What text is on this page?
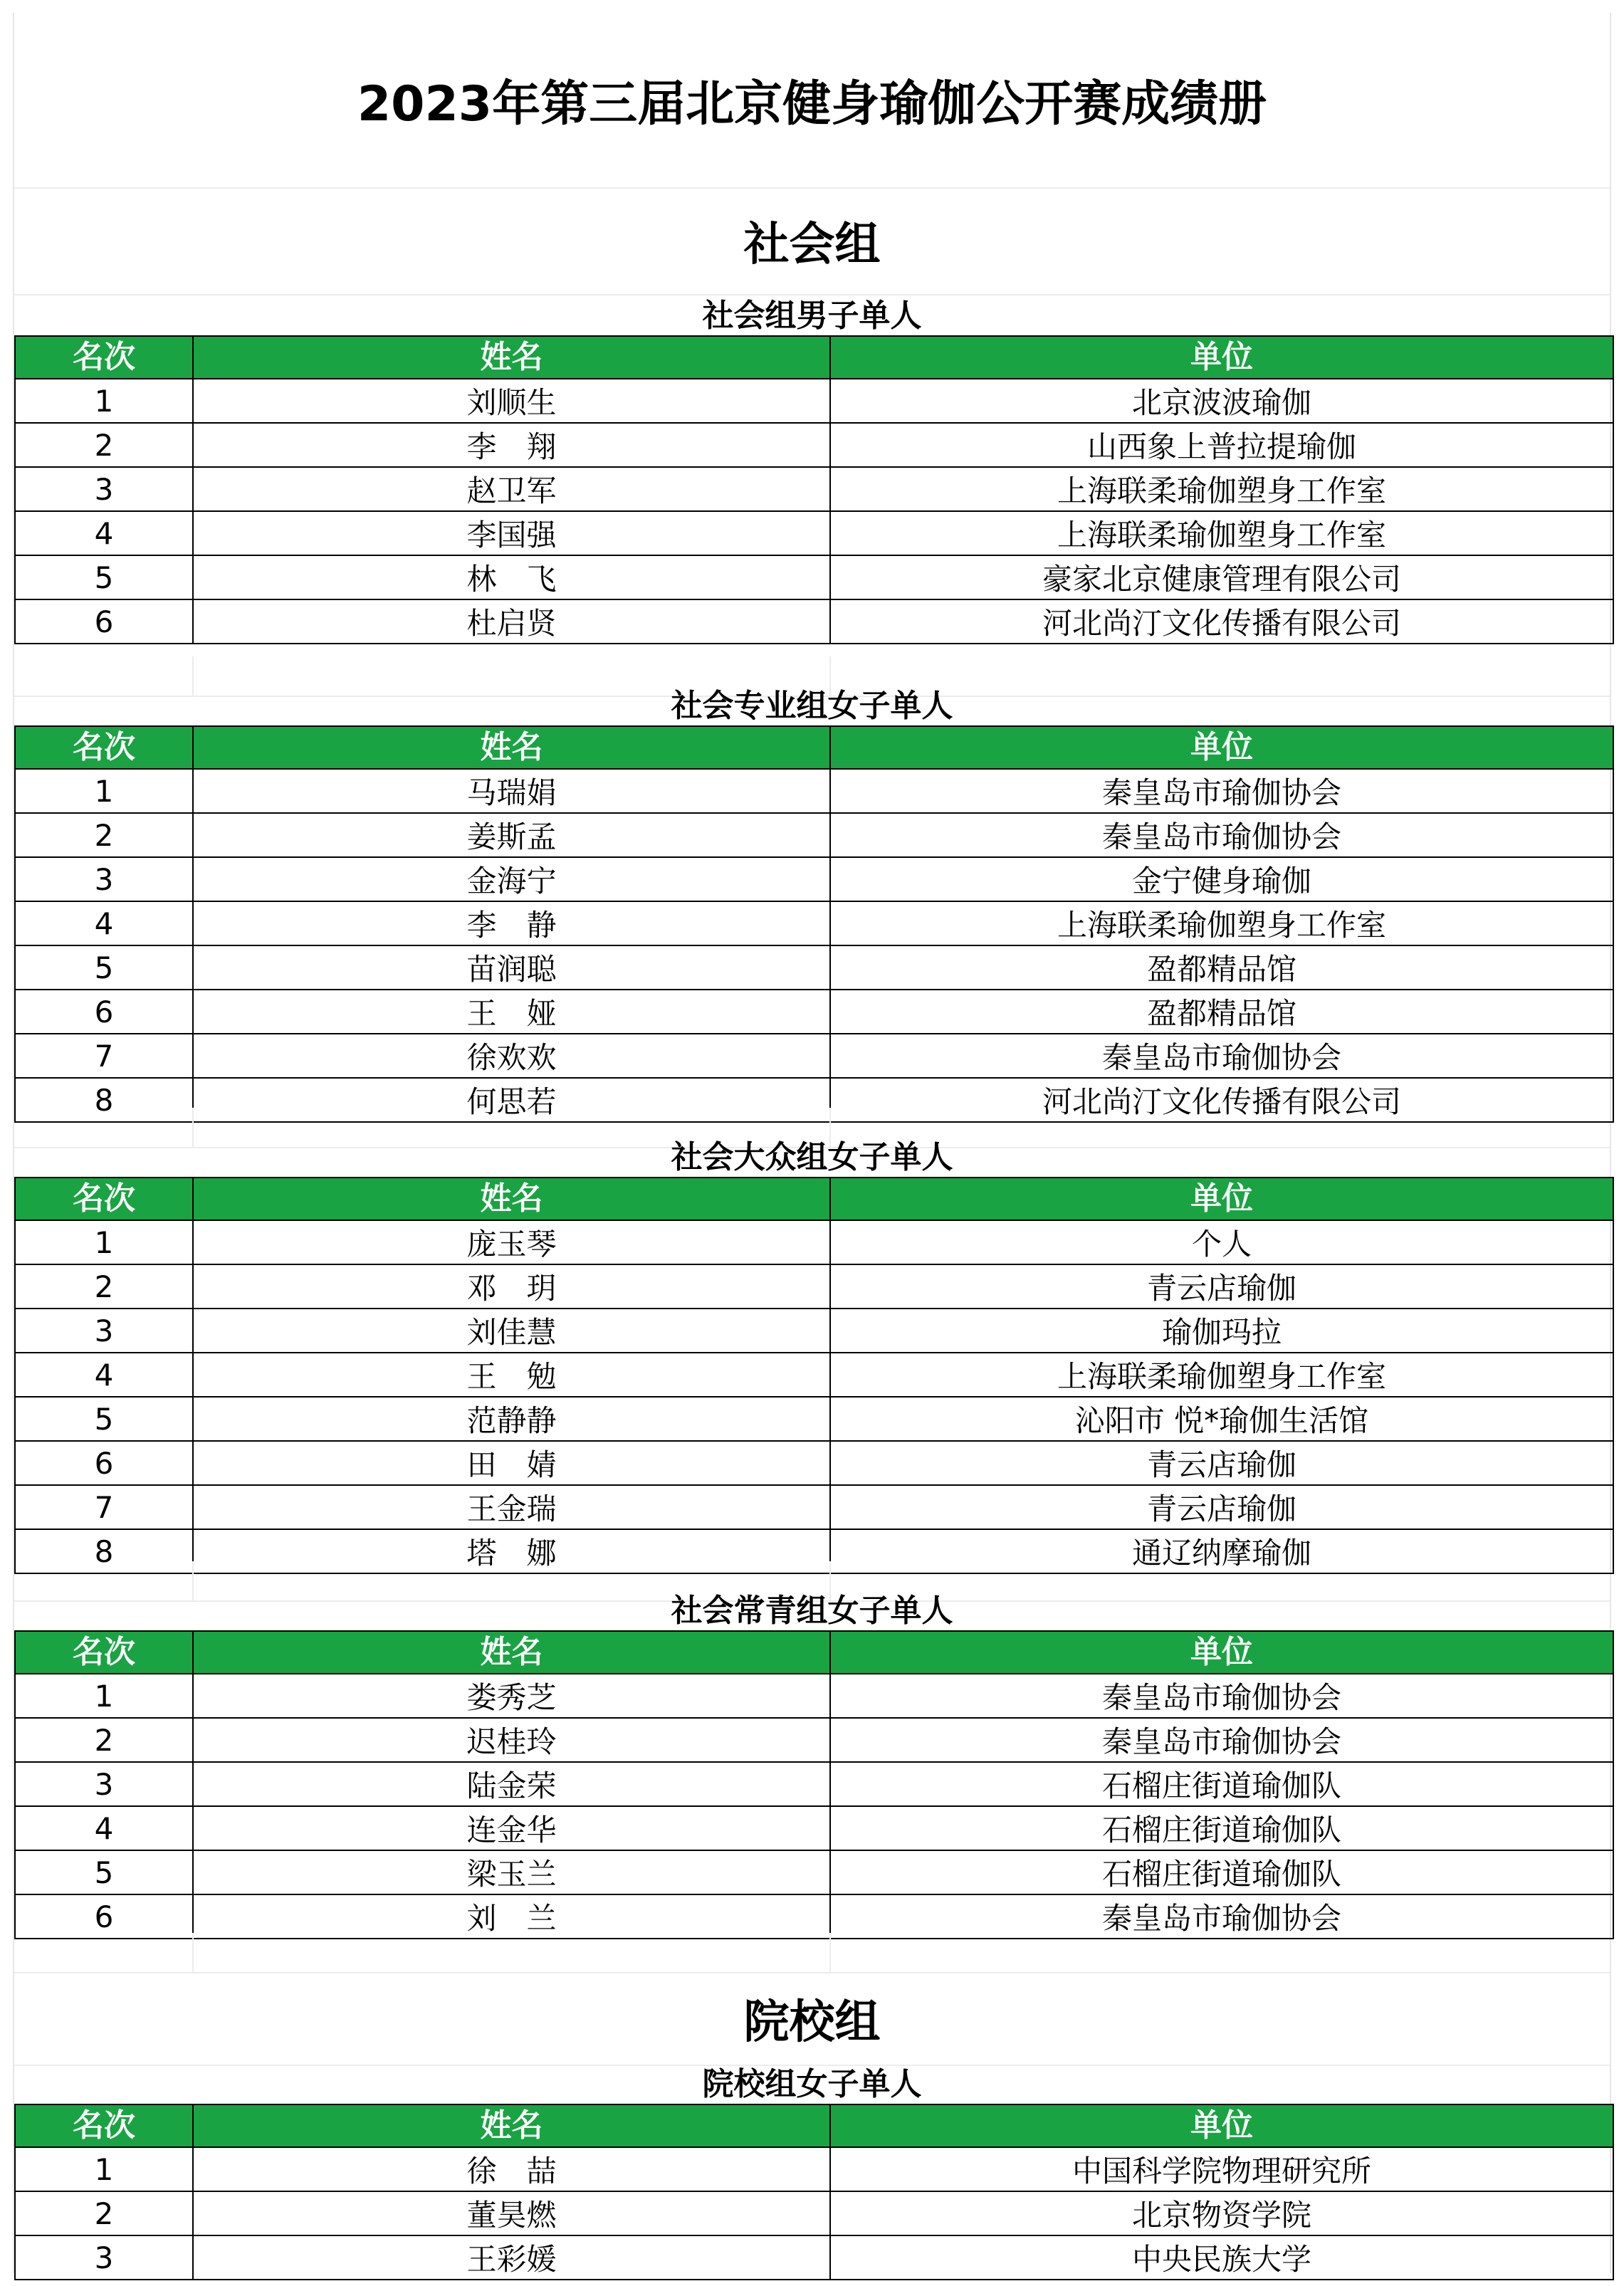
2023年第三届北京健身瑜伽公开赛成绩册
社会组
社会组男子单人
名次	姓名	单位
1	刘顺生	北京波波瑜伽
2	李　翔	山西象上普拉提瑜伽
3	赵卫军	上海联柔瑜伽塑身工作室
4	李国强	上海联柔瑜伽塑身工作室
5	林　飞	豪家北京健康管理有限公司
6	杜启贤	河北尚汀文化传播有限公司
社会专业组女子单人
名次	姓名	单位
1	马瑞娟	秦皇岛市瑜伽协会
2	姜斯孟	秦皇岛市瑜伽协会
3	金海宁	金宁健身瑜伽
4	李　静	上海联柔瑜伽塑身工作室
5	苗润聪	盈都精品馆
6	王　娅	盈都精品馆
7	徐欢欢	秦皇岛市瑜伽协会
8	何思若	河北尚汀文化传播有限公司
社会大众组女子单人
名次	姓名	单位
1	庞玉琴	个人
2	邓　玥	青云店瑜伽
3	刘佳慧	瑜伽玛拉
4	王　勉	上海联柔瑜伽塑身工作室
5	范静静	沁阳市 悦*瑜伽生活馆
6	田　婧	青云店瑜伽
7	王金瑞	青云店瑜伽
8	塔　娜	通辽纳摩瑜伽
社会常青组女子单人
名次	姓名	单位
1	娄秀芝	秦皇岛市瑜伽协会
2	迟桂玲	秦皇岛市瑜伽协会
3	陆金荣	石榴庄街道瑜伽队
4	连金华	石榴庄街道瑜伽队
5	梁玉兰	石榴庄街道瑜伽队
6	刘　兰	秦皇岛市瑜伽协会
院校组
院校组女子单人
名次	姓名	单位
1	徐　喆	中国科学院物理研究所
2	董昊燃	北京物资学院
3	王彩媛	中央民族大学
